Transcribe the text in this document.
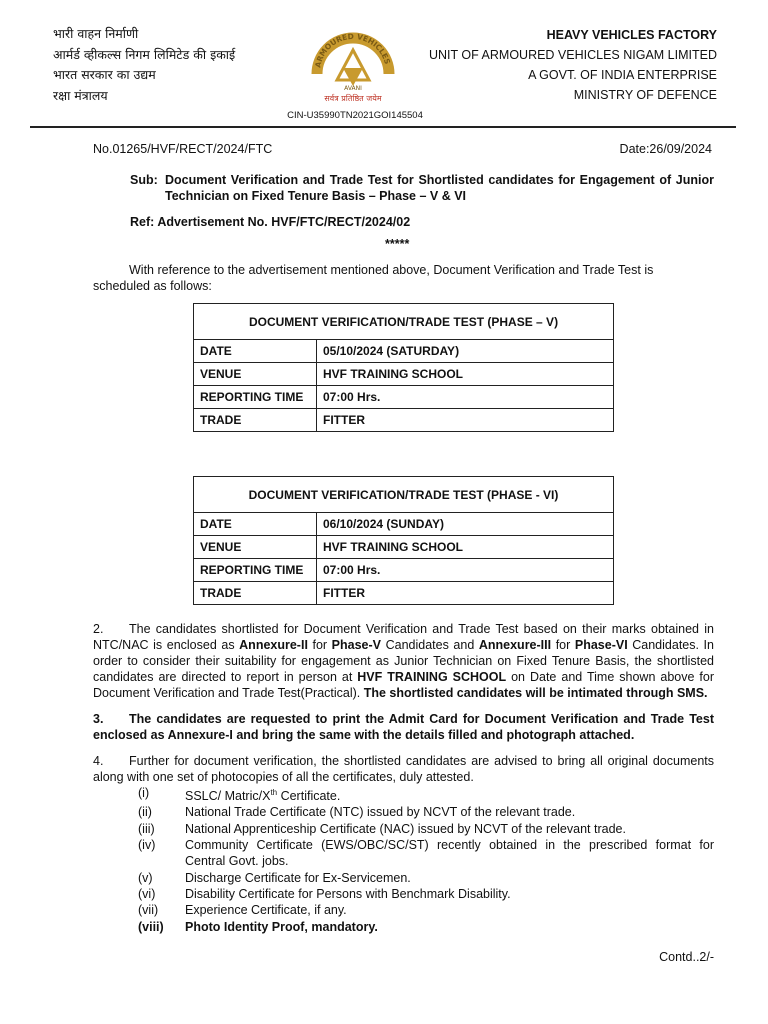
भारी वाहन निर्माणी
आर्मर्ड व्हीकल्स निगम लिमिटेड की इकाई
भारत सरकार का उद्यम
रक्षा मंत्रालय
ARMOURED VEHICLES
AVANI
सर्वत्र प्रतिष्ठित जयेम
CIN-U35990TN2021GOI145504
HEAVY VEHICLES FACTORY
UNIT OF ARMOURED VEHICLES NIGAM LIMITED
A GOVT. OF INDIA ENTERPRISE
MINISTRY OF DEFENCE
No.01265/HVF/RECT/2024/FTC	Date:26/09/2024
Sub: Document Verification and Trade Test for Shortlisted candidates for Engagement of Junior Technician on Fixed Tenure Basis – Phase – V & VI
Ref: Advertisement No. HVF/FTC/RECT/2024/02
*****
With reference to the advertisement mentioned above, Document Verification and Trade Test is
scheduled as follows:
DOCUMENT VERIFICATION/TRADE TEST (PHASE – V)	
DATE	05/10/2024 (SATURDAY)
VENUE	HVF TRAINING SCHOOL
REPORTING TIME	07:00 Hrs.
TRADE	FITTER
DOCUMENT VERIFICATION/TRADE TEST (PHASE - VI)	
DATE	06/10/2024 (SUNDAY)
VENUE	HVF TRAINING SCHOOL
REPORTING TIME	07:00 Hrs.
TRADE	FITTER
2. The candidates shortlisted for Document Verification and Trade Test based on their marks obtained in NTC/NAC is enclosed as Annexure-II for Phase-V Candidates and Annexure-III for Phase-VI Candidates. In order to consider their suitability for engagement as Junior Technician on Fixed Tenure Basis, the shortlisted candidates are directed to report in person at HVF TRAINING SCHOOL on Date and Time shown above for Document Verification and Trade Test(Practical). The shortlisted candidates will be intimated through SMS.
3. The candidates are requested to print the Admit Card for Document Verification and Trade Test enclosed as Annexure-I and bring the same with the details filled and photograph attached.
4. Further for document verification, the shortlisted candidates are advised to bring all original documents along with one set of photocopies of all the certificates, duly attested.
(i)	SSLC/ Matric/Xth Certificate.
(ii)	National Trade Certificate (NTC) issued by NCVT of the relevant trade.
(iii) National Apprenticeship Certificate (NAC) issued by NCVT of the relevant trade.
(iv) Community Certificate (EWS/OBC/SC/ST) recently obtained in the prescribed format for Central Govt. jobs.
(v)	Discharge Certificate for Ex-Servicemen.
(vi) Disability Certificate for Persons with Benchmark Disability.
(vii) Experience Certificate, if any.
(viii) Photo Identity Proof, mandatory.
Contd..2/-
